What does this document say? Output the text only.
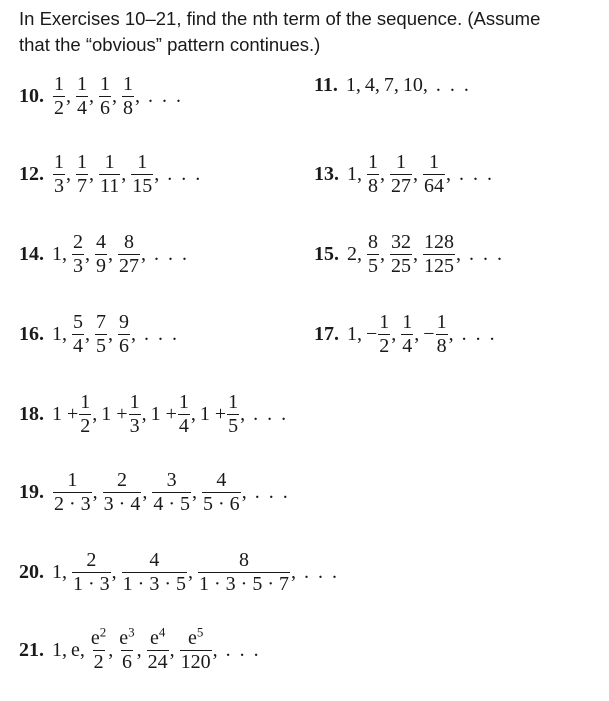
In Exercises 10–21, find the nth term of the sequence. (Assume
that the “obvious” pattern continues.)
10. $\frac{1}{2}$ , $\frac{1}{4}$ , $\frac{1}{6}$ , $\frac{1}{8}$ , . . .	11. 1 , 4 , 7 , 10 , . . .
12. $\frac{1}{3}$ , $\frac{1}{7}$ , $\frac{1}{11}$ , $\frac{1}{15}$ , . . .	13. 1 , $\frac{1}{8}$ , $\frac{1}{27}$ , $\frac{1}{64}$ , . . .
14. 1 , $\frac{2}{3}$ , $\frac{4}{9}$ , $\frac{8}{27}$ , . . .	15. 2 , $\frac{8}{5}$ , $\frac{32}{25}$ , $\frac{128}{125}$ , . . .
16. 1 , $\frac{5}{4}$ , $\frac{7}{5}$ , $\frac{9}{6}$ , . . .	17. 1 , − $\frac{1}{2}$ , $\frac{1}{4}$ , − $\frac{1}{8}$ , . . .
18. $1 + \frac{1}{2}$ , $1 + \frac{1}{3}$ , $1 + \frac{1}{4}$ , $1 + \frac{1}{5}$ , . . .
19. $\frac{1}{2 \cdot 3}$ , $\frac{2}{3 \cdot 4}$ , $\frac{3}{4 \cdot 5}$ , $\frac{4}{5 \cdot 6}$ , . . .
20. 1 , $\frac{2}{1 \cdot 3}$ , $\frac{4}{1 \cdot 3 \cdot 5}$ , $\frac{8}{1 \cdot 3 \cdot 5 \cdot 7}$ , . . .
21. 1 , e , $\frac{e^2}{2}$ , $\frac{e^3}{6}$ , $\frac{e^4}{24}$ , $\frac{e^5}{120}$ , . . .
